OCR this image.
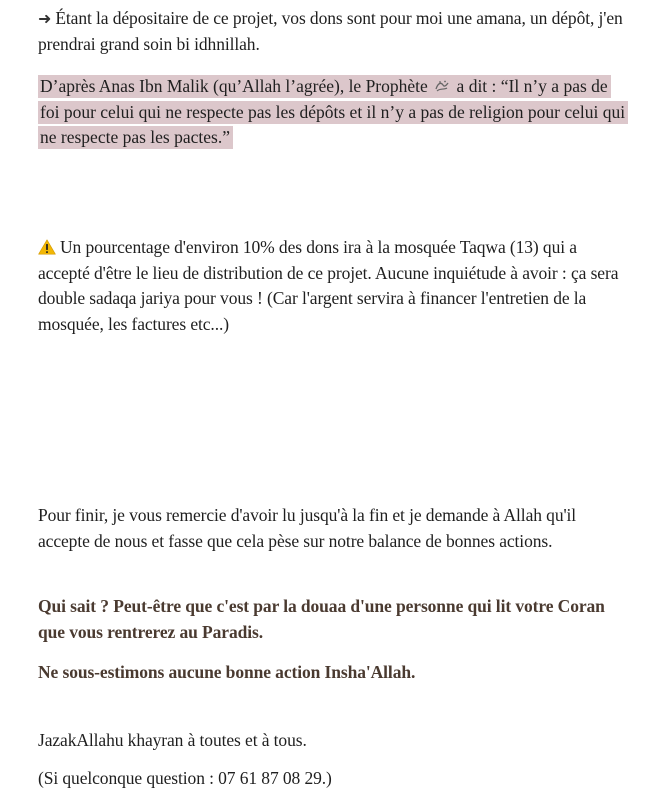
➜ Étant la dépositaire de ce projet, vos dons sont pour moi une amana, un dépôt, j'en prendrai grand soin bi idhnillah.

D’après Anas Ibn Malik (qu’Allah l’agrée), le Prophète a dit : “Il n’y a pas de foi pour celui qui ne respecte pas les dépôts et il n’y a pas de religion pour celui qui ne respecte pas les pactes.”

Un pourcentage d'environ 10% des dons ira à la mosquée Taqwa (13) qui a accepté d'être le lieu de distribution de ce projet. Aucune inquiétude à avoir : ça sera double sadaqa jariya pour vous ! (Car l'argent servira à financer l'entretien de la mosquée, les factures etc...)

Pour finir, je vous remercie d'avoir lu jusqu'à la fin et je demande à Allah qu'il accepte de nous et fasse que cela pèse sur notre balance de bonnes actions.

Qui sait ? Peut-être que c'est par la douaa d'une personne qui lit votre Coran que vous rentrerez au Paradis.

Ne sous-estimons aucune bonne action Insha'Allah.

JazakAllahu khayran à toutes et à tous.

(Si quelconque question : 07 61 87 08 29.)
